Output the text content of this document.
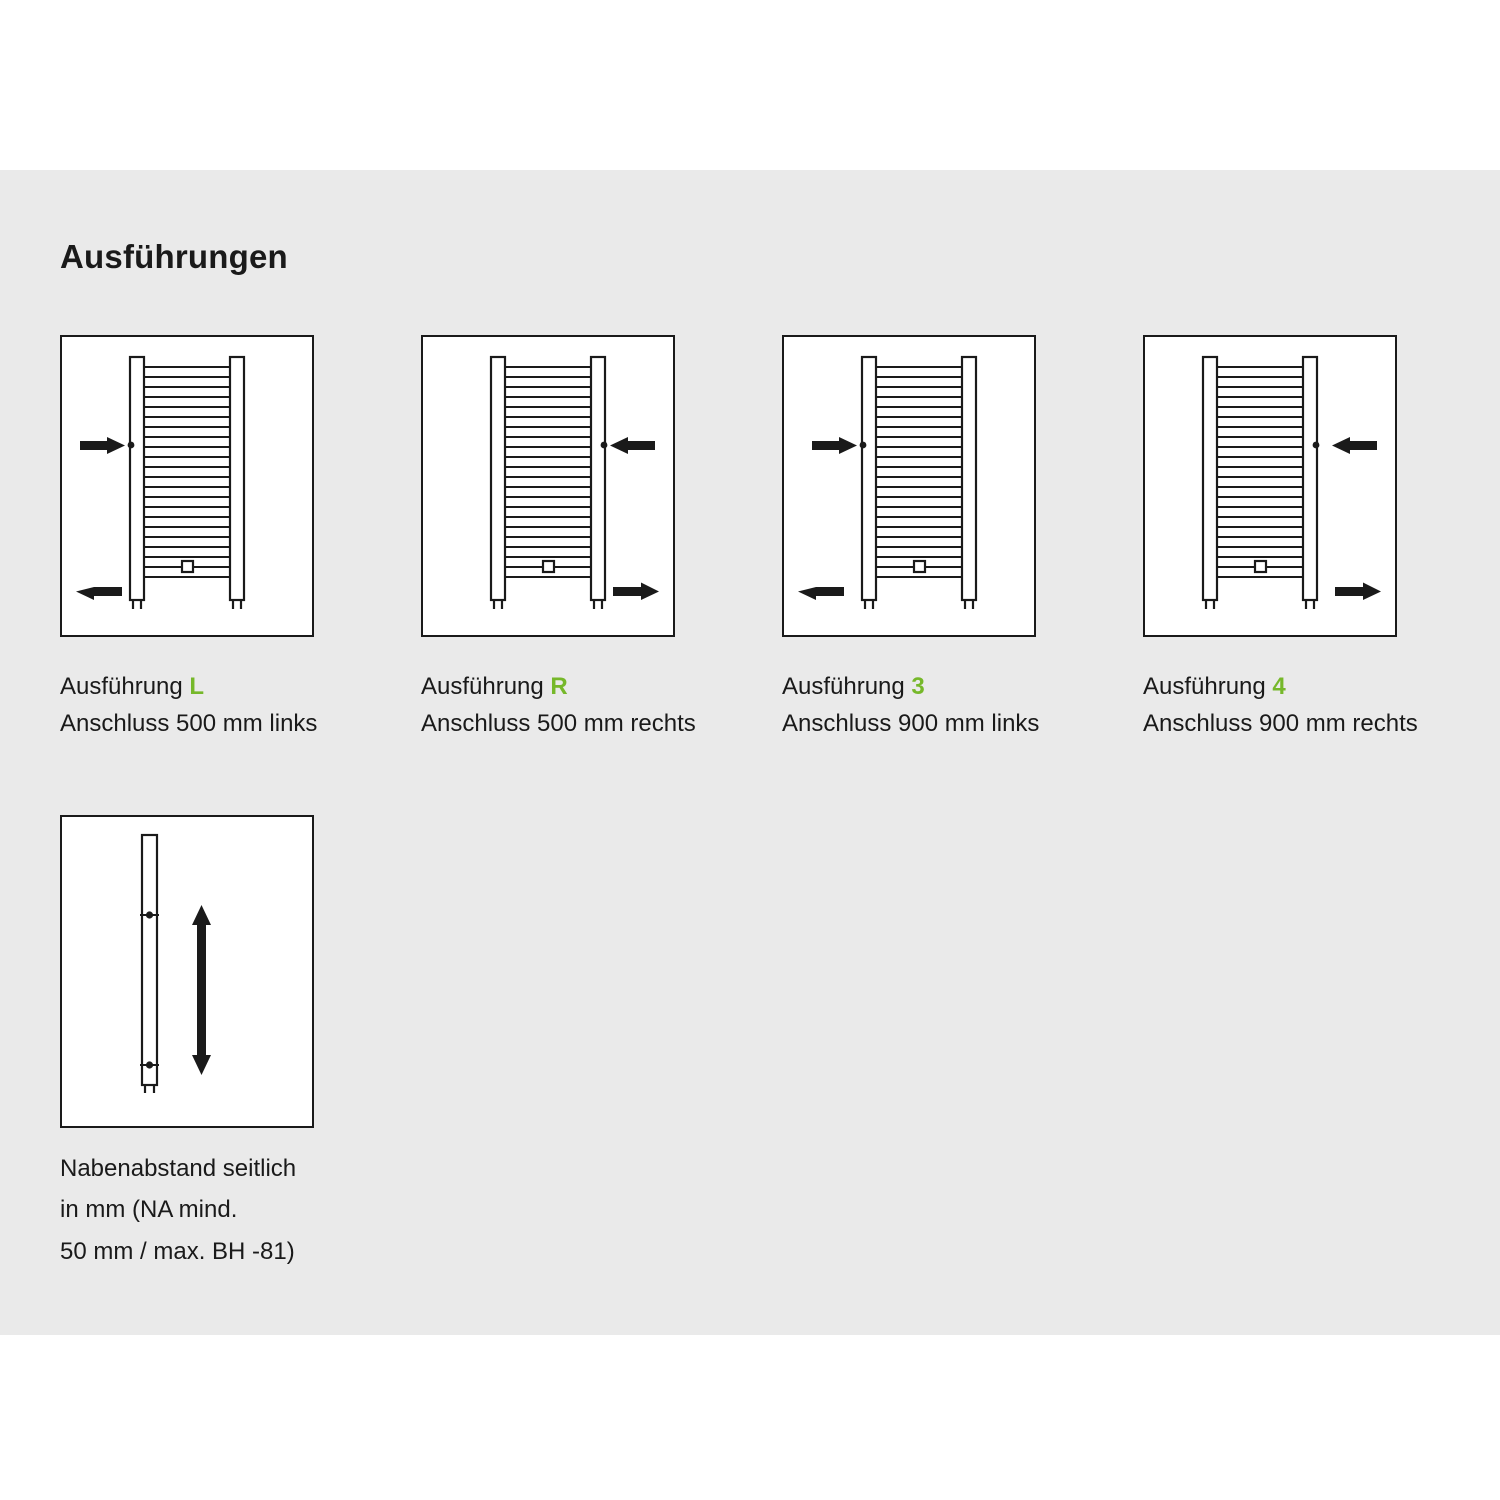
Ausführungen
Ausführung L
Anschluss 500 mm links
Ausführung R
Anschluss 500 mm rechts
Ausführung 3
Anschluss 900 mm links
Ausführung 4
Anschluss 900 mm rechts
Nabenabstand seitlich
in mm (NA mind.
50 mm / max. BH -81)
